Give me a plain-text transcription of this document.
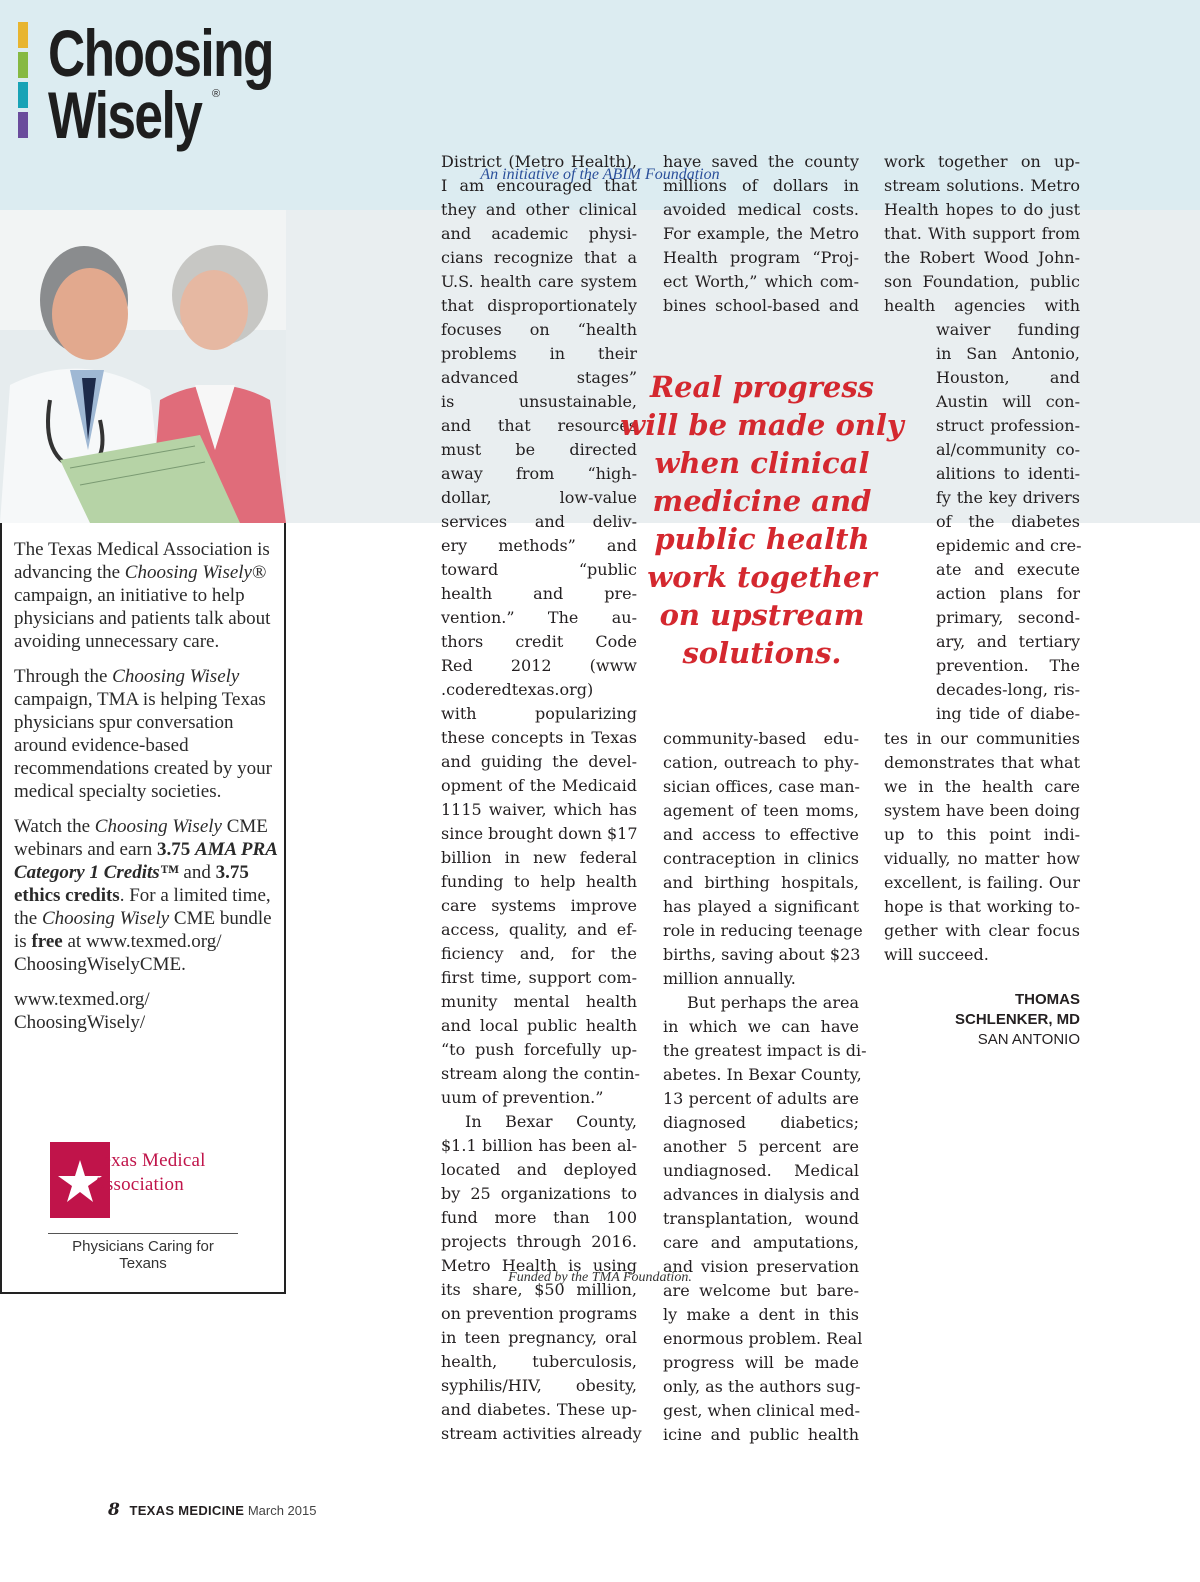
Choosing
Wisely ®
An initiative of the ABIM Foundation

The Texas Medical Association is advancing the Choosing Wisely® campaign, an initiative to help physicians and patients talk about avoiding unnecessary care.

Through the Choosing Wisely campaign, TMA is helping Texas physicians spur conversation around evidence-based recommendations created by your medical specialty societies.

Watch the Choosing Wisely CME webinars and earn 3.75 AMA PRA Category 1 Credits™ and 3.75 ethics credits. For a limited time, the Choosing Wisely CME bundle is free at www.texmed.org/ ChoosingWiselyCME.

www.texmed.org/ ChoosingWisely/

Texas Medical
Association
Physicians Caring for Texans
Funded by the TMA Foundation.
District (Metro Health),
I am encouraged that
they and other clinical
and academic physi-
cians recognize that a
U.S. health care system
that disproportionately
focuses on “health
problems in their
advanced stages”
is unsustainable,
and that resources
must be directed
away from “high-
dollar, low-value
services and deliv-
ery methods” and
toward “public
health and pre-
vention.” The au-
thors credit Code
Red 2012 (www
.coderedtexas.org)
with popularizing
these concepts in Texas
and guiding the devel-
opment of the Medicaid
1115 waiver, which has
since brought down $17
billion in new federal
funding to help health
care systems improve
access, quality, and ef-
ficiency and, for the
first time, support com-
munity mental health
and local public health
“to push forcefully up-
stream along the contin-
uum of prevention.”
In Bexar County,
$1.1 billion has been al-
located and deployed
by 25 organizations to
fund more than 100
projects through 2016.
Metro Health is using
its share, $50 million,
on prevention programs
in teen pregnancy, oral
health, tuberculosis,
syphilis/HIV, obesity,
and diabetes. These up-
stream activities already
have saved the county
millions of dollars in
avoided medical costs.
For example, the Metro
Health program “Proj-
ect Worth,” which com-
bines school-based and
community-based edu-
cation, outreach to phy-
sician offices, case man-
agement of teen moms,
and access to effective
contraception in clinics
and birthing hospitals,
has played a significant
role in reducing teenage
births, saving about $23
million annually.
But perhaps the area
in which we can have
the greatest impact is di-
abetes. In Bexar County,
13 percent of adults are
diagnosed diabetics;
another 5 percent are
undiagnosed. Medical
advances in dialysis and
transplantation, wound
care and amputations,
and vision preservation
are welcome but bare-
ly make a dent in this
enormous problem. Real
progress will be made
only, as the authors sug-
gest, when clinical med-
icine and public health
Real progress
will be made only
when clinical
medicine and
public health
work together
on upstream
solutions.
work together on up-
stream solutions. Metro
Health hopes to do just
that. With support from
the Robert Wood John-
son Foundation, public
health agencies with
waiver funding
in San Antonio,
Houston, and
Austin will con-
struct profession-
al/community co-
alitions to identi-
fy the key drivers
of the diabetes
epidemic and cre-
ate and execute
action plans for
primary, second-
ary, and tertiary
prevention. The
decades-long, ris-
ing tide of diabe-
tes in our communities
demonstrates that what
we in the health care
system have been doing
up to this point indi-
vidually, no matter how
excellent, is failing. Our
hope is that working to-
gether with clear focus
will succeed.
THOMAS
SCHLENKER, MD
SAN ANTONIO
8 TEXAS MEDICINE March 2015
